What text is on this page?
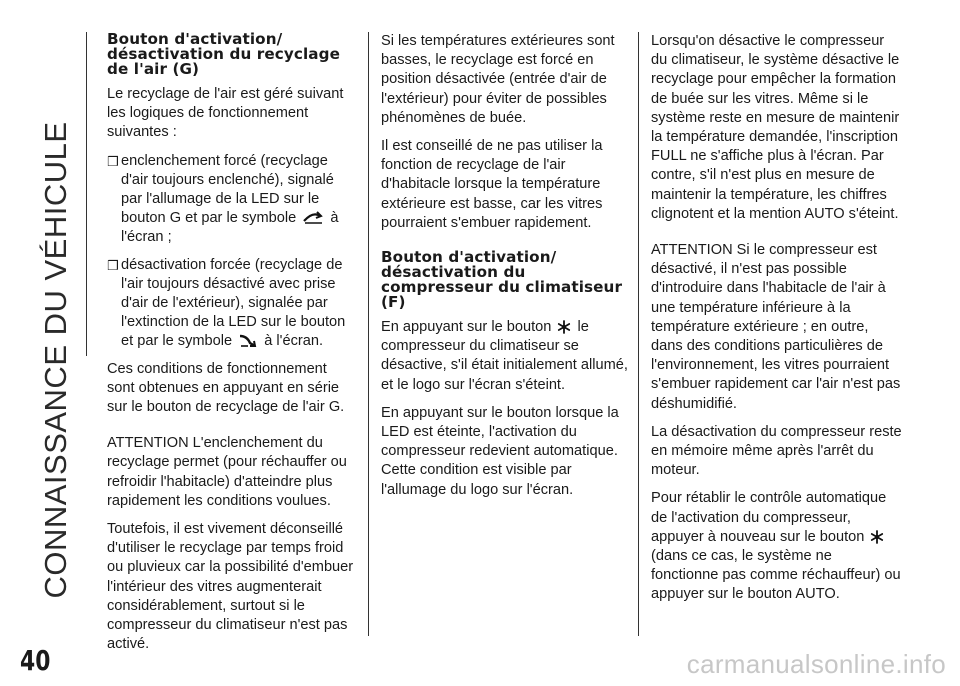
CONNAISSANCE DU VÉHICULE
40	carmanualsonline.info
Bouton d'activation/ désactivation du recyclage de l'air (G)

Le recyclage de l'air est géré suivant les logiques de fonctionnement suivantes :

❒ enclenchement forcé (recyclage d'air toujours enclenché), signalé par l'allumage de la LED sur le bouton G et par le symbole à l'écran ;
❒ désactivation forcée (recyclage de l'air toujours désactivé avec prise d'air de l'extérieur), signalée par l'extinction de la LED sur le bouton et par le symbole à l'écran.

Ces conditions de fonctionnement sont obtenues en appuyant en série sur le bouton de recyclage de l'air G.

ATTENTION L'enclenchement du recyclage permet (pour réchauffer ou refroidir l'habitacle) d'atteindre plus rapidement les conditions voulues.

Toutefois, il est vivement déconseillé d'utiliser le recyclage par temps froid ou pluvieux car la possibilité d'embuer l'intérieur des vitres augmenterait considérablement, surtout si le compresseur du climatiseur n'est pas activé.

Si les températures extérieures sont basses, le recyclage est forcé en position désactivée (entrée d'air de l'extérieur) pour éviter de possibles phénomènes de buée.

Il est conseillé de ne pas utiliser la fonction de recyclage de l'air d'habitacle lorsque la température extérieure est basse, car les vitres pourraient s'embuer rapidement.

Bouton d'activation/ désactivation du compresseur du climatiseur (F)

En appuyant sur le bouton le compresseur du climatiseur se désactive, s'il était initialement allumé, et le logo sur l'écran s'éteint.

En appuyant sur le bouton lorsque la LED est éteinte, l'activation du compresseur redevient automatique. Cette condition est visible par l'allumage du logo sur l'écran.

Lorsqu'on désactive le compresseur du climatiseur, le système désactive le recyclage pour empêcher la formation de buée sur les vitres. Même si le système reste en mesure de maintenir la température demandée, l'inscription FULL ne s'affiche plus à l'écran. Par contre, s'il n'est plus en mesure de maintenir la température, les chiffres clignotent et la mention AUTO s'éteint.

ATTENTION Si le compresseur est désactivé, il n'est pas possible d'introduire dans l'habitacle de l'air à une température inférieure à la température extérieure ; en outre, dans des conditions particulières de l'environnement, les vitres pourraient s'embuer rapidement car l'air n'est pas déshumidifié.

La désactivation du compresseur reste en mémoire même après l'arrêt du moteur.

Pour rétablir le contrôle automatique de l'activation du compresseur, appuyer à nouveau sur le bouton  (dans ce cas, le système ne fonctionne pas comme réchauffeur) ou appuyer sur le bouton AUTO.
